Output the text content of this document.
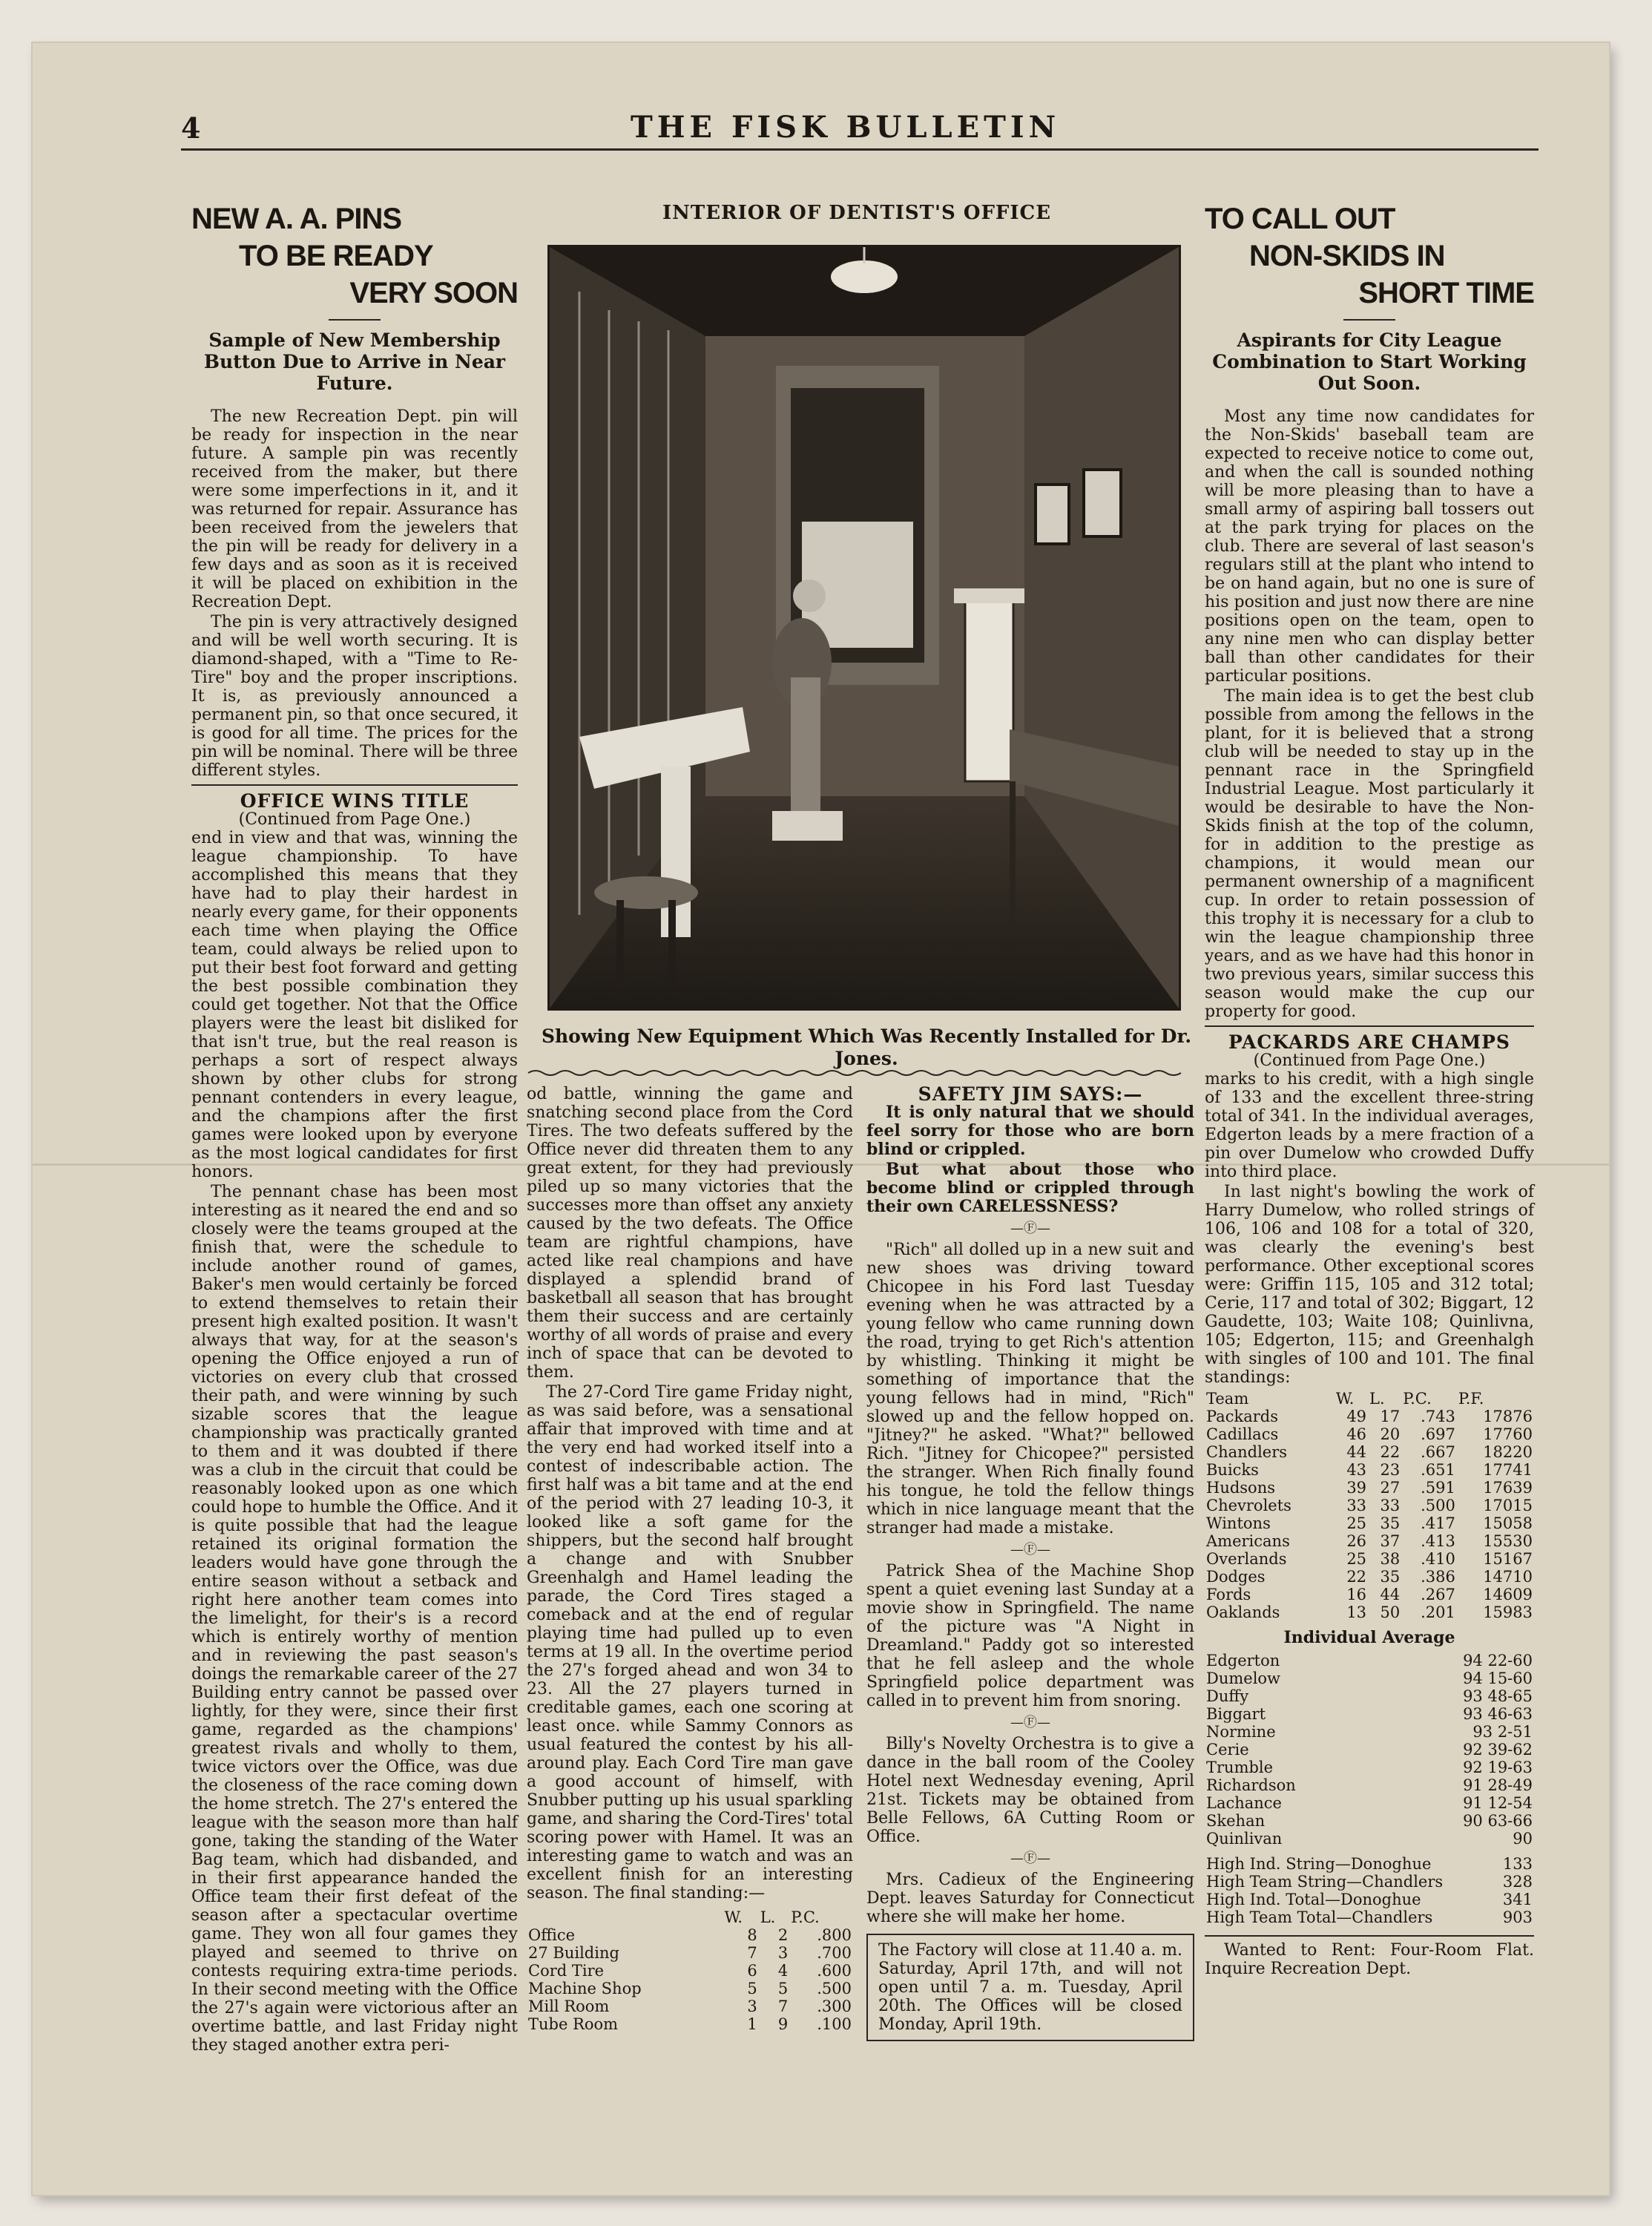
4	THE FISK BULLETIN
NEW A. A. PINS
TO BE READY
VERY SOON
Sample of New Membership Button Due to Arrive in Near Future.

The new Recreation Dept. pin will be ready for inspection in the near future. A sample pin was recently received from the maker, but there were some imperfections in it, and it was returned for repair. Assurance has been received from the jewelers that the pin will be ready for delivery in a few days and as soon as it is received it will be placed on exhibition in the Recreation Dept.

The pin is very attractively designed and will be well worth securing. It is diamond-shaped, with a "Time to Re-Tire" boy and the proper inscriptions. It is, as previously announced a permanent pin, so that once secured, it is good for all time. The prices for the pin will be nominal. There will be three different styles.

OFFICE WINS TITLE
(Continued from Page One.)

end in view and that was, winning the league championship. To have accomplished this means that they have had to play their hardest in nearly every game, for their opponents each time when playing the Office team, could always be relied upon to put their best foot forward and getting the best possible combination they could get together. Not that the Office players were the least bit disliked for that isn't true, but the real reason is perhaps a sort of respect always shown by other clubs for strong pennant contenders in every league, and the champions after the first games were looked upon by everyone as the most logical candidates for first honors.

The pennant chase has been most interesting as it neared the end and so closely were the teams grouped at the finish that, were the schedule to include another round of games, Baker's men would certainly be forced to extend themselves to retain their present high exalted position. It wasn't always that way, for at the season's opening the Office enjoyed a run of victories on every club that crossed their path, and were winning by such sizable scores that the league championship was practically granted to them and it was doubted if there was a club in the circuit that could be reasonably looked upon as one which could hope to humble the Office. And it is quite possible that had the league retained its original formation the leaders would have gone through the entire season without a setback and right here another team comes into the limelight, for their's is a record which is entirely worthy of mention and in reviewing the past season's doings the remarkable career of the 27 Building entry cannot be passed over lightly, for they were, since their first game, regarded as the champions' greatest rivals and wholly to them, twice victors over the Office, was due the closeness of the race coming down the home stretch. The 27's entered the league with the season more than half gone, taking the standing of the Water Bag team, which had disbanded, and in their first appearance handed the Office team their first defeat of the season after a spectacular overtime game. They won all four games they played and seemed to thrive on contests requiring extra-time periods. In their second meeting with the Office the 27's again were victorious after an overtime battle, and last Friday night they staged another extra peri-

INTERIOR OF DENTIST'S OFFICE
Showing New Equipment Which Was Recently Installed for Dr. Jones.

od battle, winning the game and snatching second place from the Cord Tires. The two defeats suffered by the Office never did threaten them to any great extent, for they had previously piled up so many victories that the successes more than offset any anxiety caused by the two defeats. The Office team are rightful champions, have acted like real champions and have displayed a splendid brand of basketball all season that has brought them their success and are certainly worthy of all words of praise and every inch of space that can be devoted to them.

The 27-Cord Tire game Friday night, as was said before, was a sensational affair that improved with time and at the very end had worked itself into a contest of indescribable action. The first half was a bit tame and at the end of the period with 27 leading 10-3, it looked like a soft game for the shippers, but the second half brought a change and with Snubber Greenhalgh and Hamel leading the parade, the Cord Tires staged a comeback and at the end of regular playing time had pulled up to even terms at 19 all. In the overtime period the 27's forged ahead and won 34 to 23. All the 27 players turned in creditable games, each one scoring at least once. while Sammy Connors as usual featured the contest by his all-around play. Each Cord Tire man gave a good account of himself, with Snubber putting up his usual sparkling game, and sharing the Cord-Tires' total scoring power with Hamel. It was an interesting game to watch and was an excellent finish for an interesting season. The final standing:—

	W.	L.	P.C.
Office	8	2	.800
27 Building	7	3	.700
Cord Tire	6	4	.600
Machine Shop	5	5	.500
Mill Room	3	7	.300
Tube Room	1	9	.100
SAFETY JIM SAYS:—

It is only natural that we should feel sorry for those who are born blind or crippled.

But what about those who become blind or crippled through their own CARELESSNESS?

—Ⓕ—

"Rich" all dolled up in a new suit and new shoes was driving toward Chicopee in his Ford last Tuesday evening when he was attracted by a young fellow who came running down the road, trying to get Rich's attention by whistling. Thinking it might be something of importance that the young fellows had in mind, "Rich" slowed up and the fellow hopped on. "Jitney?" he asked. "What?" bellowed Rich. "Jitney for Chicopee?" persisted the stranger. When Rich finally found his tongue, he told the fellow things which in nice language meant that the stranger had made a mistake.

—Ⓕ—

Patrick Shea of the Machine Shop spent a quiet evening last Sunday at a movie show in Springfield. The name of the picture was "A Night in Dreamland." Paddy got so interested that he fell asleep and the whole Springfield police department was called in to prevent him from snoring.

—Ⓕ—

Billy's Novelty Orchestra is to give a dance in the ball room of the Cooley Hotel next Wednesday evening, April 21st. Tickets may be obtained from Belle Fellows, 6A Cutting Room or Office.

—Ⓕ—

Mrs. Cadieux of the Engineering Dept. leaves Saturday for Connecticut where she will make her home.

The Factory will close at 11.40 a. m. Saturday, April 17th, and will not open until 7 a. m. Tuesday, April 20th. The Offices will be closed Monday, April 19th.
TO CALL OUT
NON-SKIDS IN
SHORT TIME
Aspirants for City League Combination to Start Working Out Soon.

Most any time now candidates for the Non-Skids' baseball team are expected to receive notice to come out, and when the call is sounded nothing will be more pleasing than to have a small army of aspiring ball tossers out at the park trying for places on the club. There are several of last season's regulars still at the plant who intend to be on hand again, but no one is sure of his position and just now there are nine positions open on the team, open to any nine men who can display better ball than other candidates for their particular positions.

The main idea is to get the best club possible from among the fellows in the plant, for it is believed that a strong club will be needed to stay up in the pennant race in the Springfield Industrial League. Most particularly it would be desirable to have the Non-Skids finish at the top of the column, for in addition to the prestige as champions, it would mean our permanent ownership of a magnificent cup. In order to retain possession of this trophy it is necessary for a club to win the league championship three years, and as we have had this honor in two previous years, similar success this season would make the cup our property for good.

PACKARDS ARE CHAMPS
(Continued from Page One.)

marks to his credit, with a high single of 133 and the excellent three-string total of 341. In the individual averages, Edgerton leads by a mere fraction of a pin over Dumelow who crowded Duffy into third place.

In last night's bowling the work of Harry Dumelow, who rolled strings of 106, 106 and 108 for a total of 320, was clearly the evening's best performance. Other exceptional scores were: Griffin 115, 105 and 312 total; Cerie, 117 and total of 302; Biggart, 12 Gaudette, 103; Waite 108; Quinlivna, 105; Edgerton, 115; and Greenhalgh with singles of 100 and 101. The final standings:

Team	W.	L.	P.C.	P.F.
Packards	49	17	.743	17876
Cadillacs	46	20	.697	17760
Chandlers	44	22	.667	18220
Buicks	43	23	.651	17741
Hudsons	39	27	.591	17639
Chevrolets	33	33	.500	17015
Wintons	25	35	.417	15058
Americans	26	37	.413	15530
Overlands	25	38	.410	15167
Dodges	22	35	.386	14710
Fords	16	44	.267	14609
Oaklands	13	50	.201	15983
Individual Average
Edgerton	94 22-60
Dumelow	94 15-60
Duffy	93 48-65
Biggart	93 46-63
Normine	93 2-51
Cerie	92 39-62
Trumble	92 19-63
Richardson	91 28-49
Lachance	91 12-54
Skehan	90 63-66
Quinlivan	90
High Ind. String—Donoghue	133
High Team String—Chandlers	328
High Ind. Total—Donoghue	341
High Team Total—Chandlers	903

Wanted to Rent: Four-Room Flat. Inquire Recreation Dept.
